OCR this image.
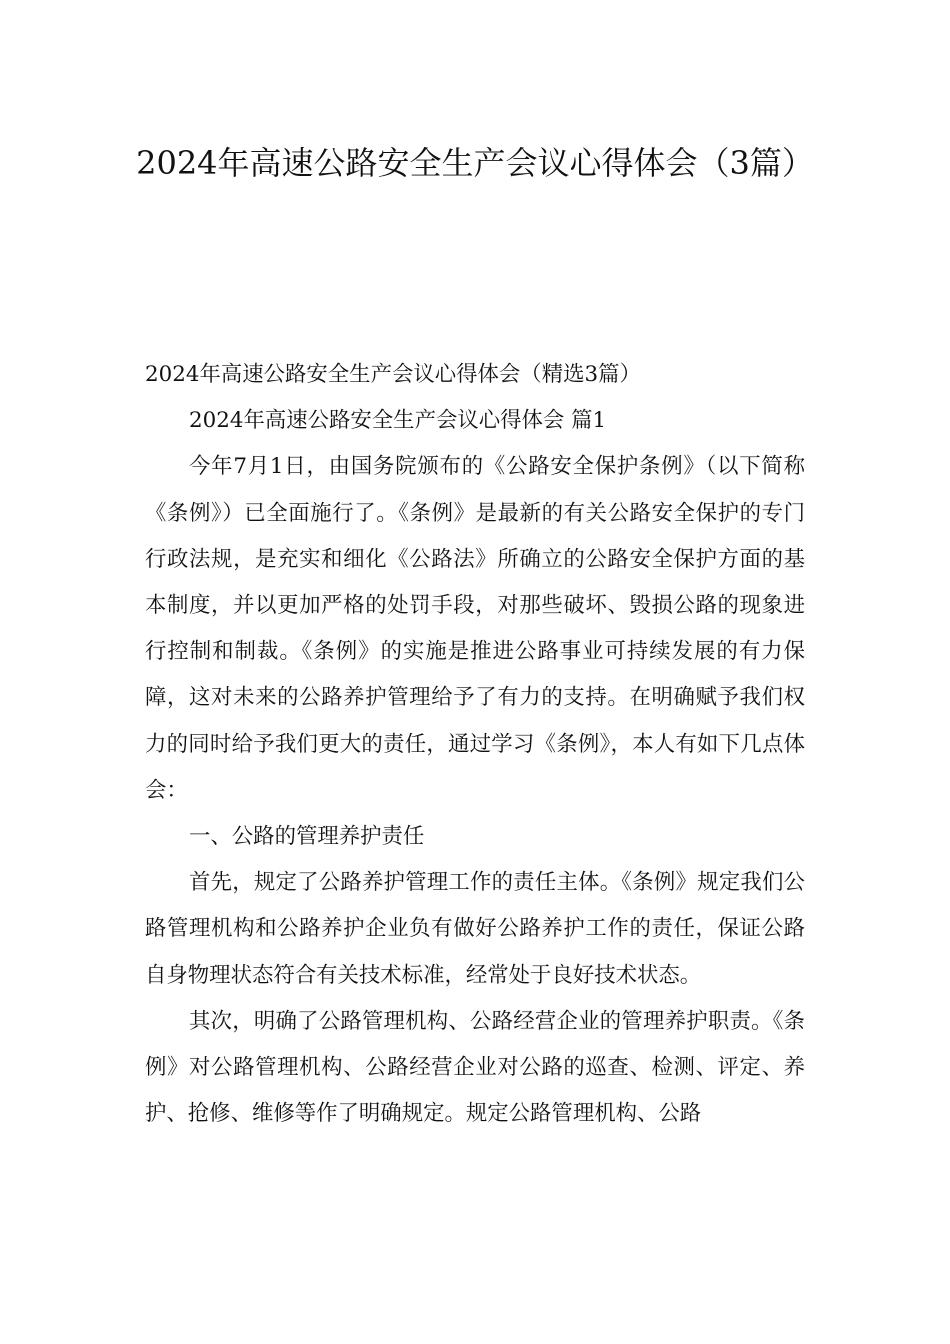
2024年高速公路安全生产会议心得体会（3篇）

2024年高速公路安全生产会议心得体会（精选3篇）

2024年高速公路安全生产会议心得体会 篇1

今年7月1日，由国务院颁布的《公路安全保护条例》（以下简称《条例》）已全面施行了。《条例》是最新的有关公路安全保护的专门行政法规，是充实和细化《公路法》所确立的公路安全保护方面的基本制度，并以更加严格的处罚手段，对那些破坏、毁损公路的现象进行控制和制裁。《条例》的实施是推进公路事业可持续发展的有力保障，这对未来的公路养护管理给予了有力的支持。在明确赋予我们权力的同时给予我们更大的责任，通过学习《条例》，本人有如下几点体会：

一、公路的管理养护责任

首先，规定了公路养护管理工作的责任主体。《条例》规定我们公路管理机构和公路养护企业负有做好公路养护工作的责任，保证公路自身物理状态符合有关技术标准，经常处于良好技术状态。

其次，明确了公路管理机构、公路经营企业的管理养护职责。《条例》对公路管理机构、公路经营企业对公路的巡查、检测、评定、养护、抢修、维修等作了明确规定。规定公路管理机构、公路
